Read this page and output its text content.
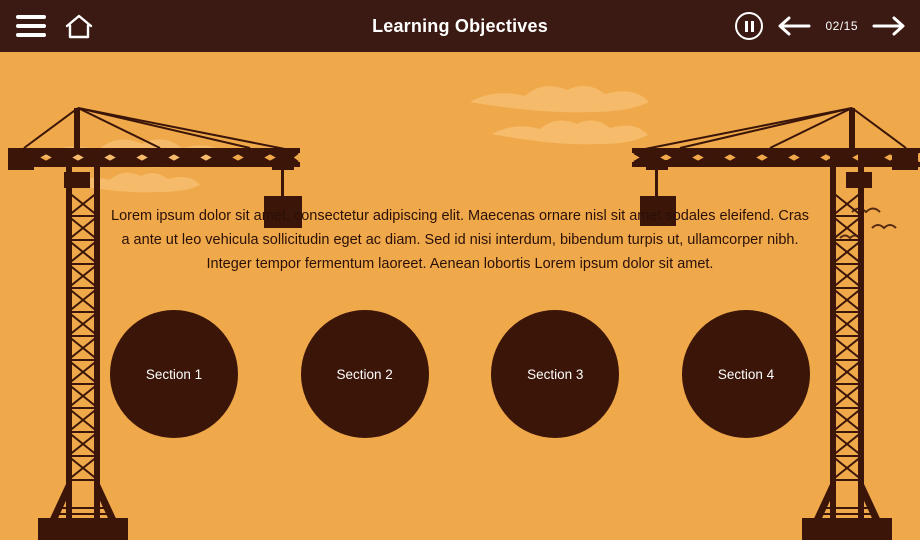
Lorem ipsum dolor sit amet, consectetur adipiscing elit. Maecenas ornare nisl sit amet sodales eleifend. Cras a ante ut leo vehicula sollicitudin eget ac diam. Sed id nisi interdum, bibendum turpis ut, ullamcorper nibh. Integer tempor fermentum laoreet. Aenean lobortis Lorem ipsum dolor sit amet.

Section 1	Section 2	Section 3	Section 4
Learning Objectives	02/15
